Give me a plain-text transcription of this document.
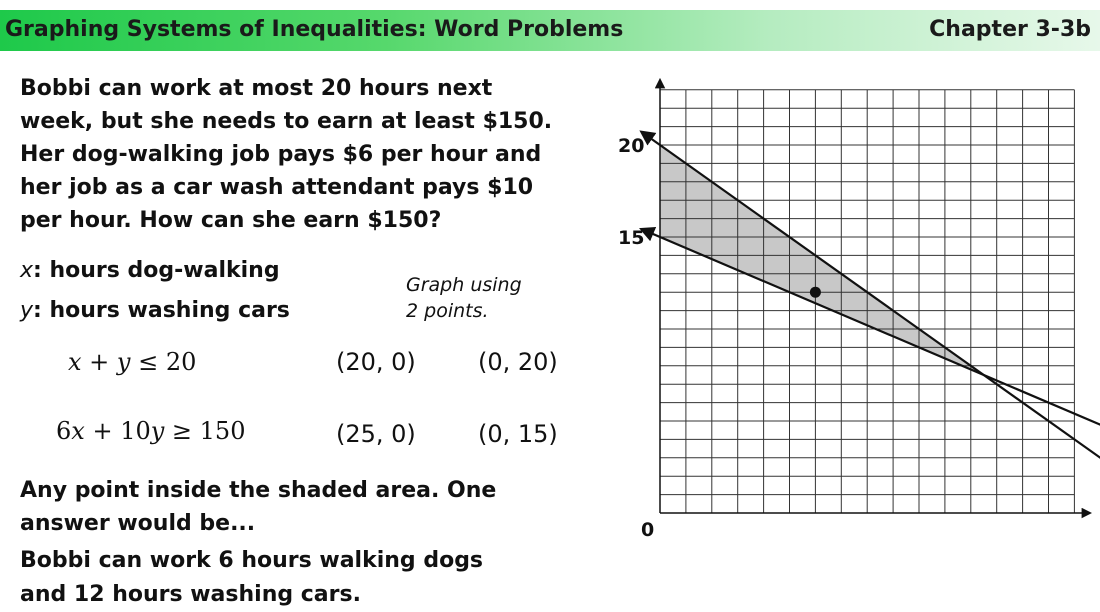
Graphing Systems of Inequalities: Word Problems	Chapter 3-3b
Bobbi can work at most 20 hours next
week, but she needs to earn at least $150.
Her dog-walking job pays $6 per hour and
her job as a car wash attendant pays $10
per hour. How can she earn $150?
x: hours dog-walking
y: hours washing cars
Graph using
2 points.
x + y ≤ 20	(20, 0)	(0, 20)
6x + 10y ≥ 150	(25, 0)	(0, 15)
Any point inside the shaded area. One
answer would be...
Bobbi can work 6 hours walking dogs
and 12 hours washing cars.
0
20
15
